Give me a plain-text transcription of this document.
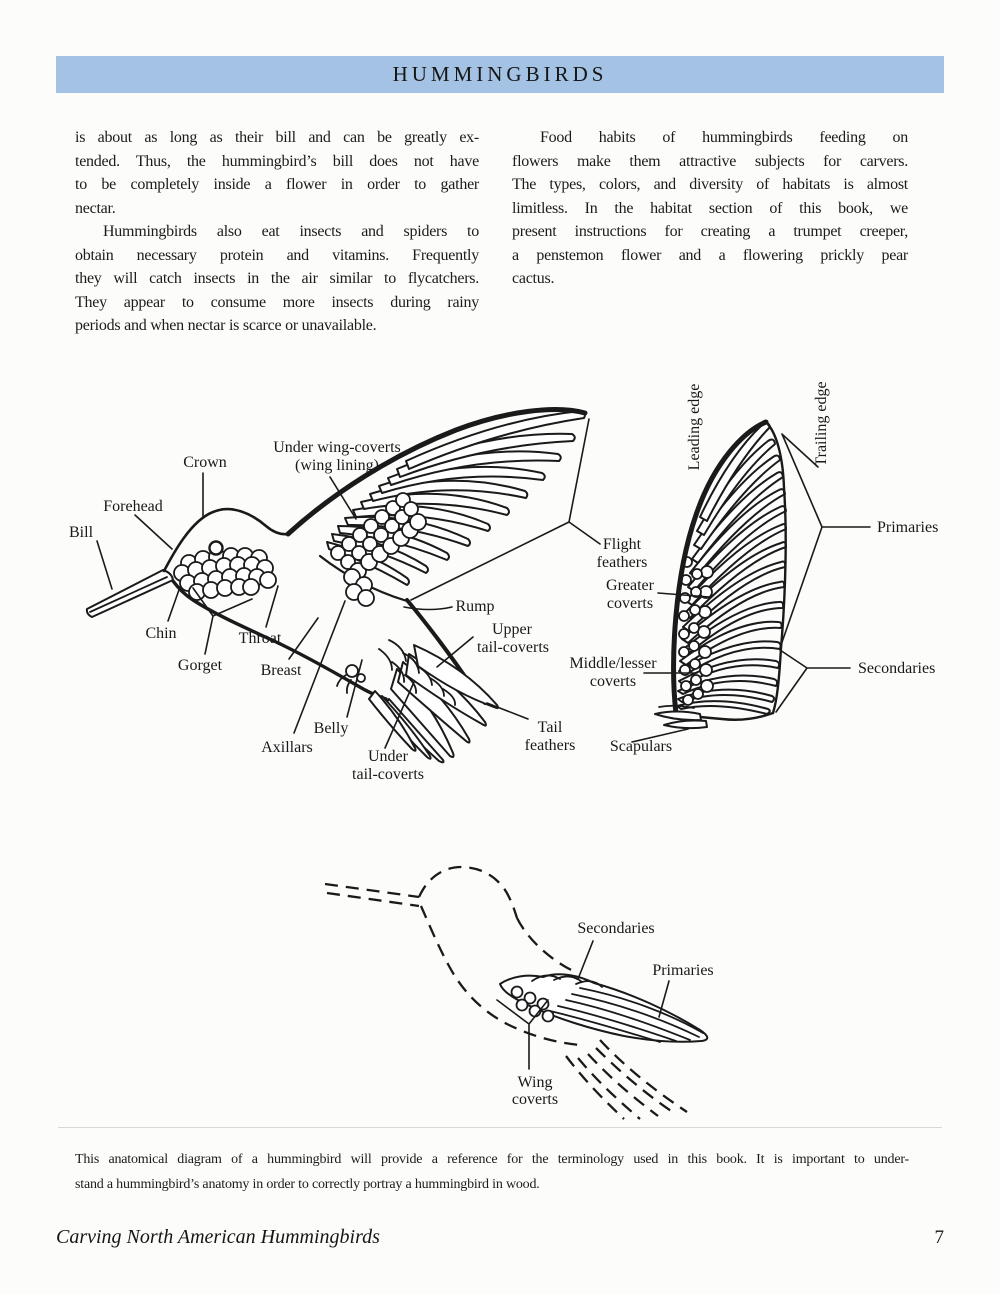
HUMMINGBIRDS
is about as long as their bill and can be greatly ex-
tended. Thus, the hummingbird’s bill does not have
to be completely inside a flower in order to gather
nectar.
Hummingbirds also eat insects and spiders to
obtain necessary protein and vitamins. Frequently
they will catch insects in the air similar to flycatchers.
They appear to consume more insects during rainy
periods and when nectar is scarce or unavailable.
Food habits of hummingbirds feeding on
flowers make them attractive subjects for carvers.
The types, colors, and diversity of habitats is almost
limitless. In the habitat section of this book, we
present instructions for creating a trumpet creeper,
a penstemon flower and a flowering prickly pear
cactus.
Bill
Forehead
Crown
Under wing-coverts
(wing lining)
Chin
Gorget
Throat
Breast
Belly
Axillars
Under
tail-coverts
Upper
tail-coverts
Rump
Tail
feathers
Flight
feathers
Greater
coverts
Middle/lesser
coverts
Scapulars
Primaries
Secondaries
Leading edge	Trailing edge
Secondaries
Primaries
Wing
coverts
This anatomical diagram of a hummingbird will provide a reference for the terminology used in this book. It is important to under-
stand a hummingbird’s anatomy in order to correctly portray a hummingbird in wood.
Carving North American Hummingbirds	7
